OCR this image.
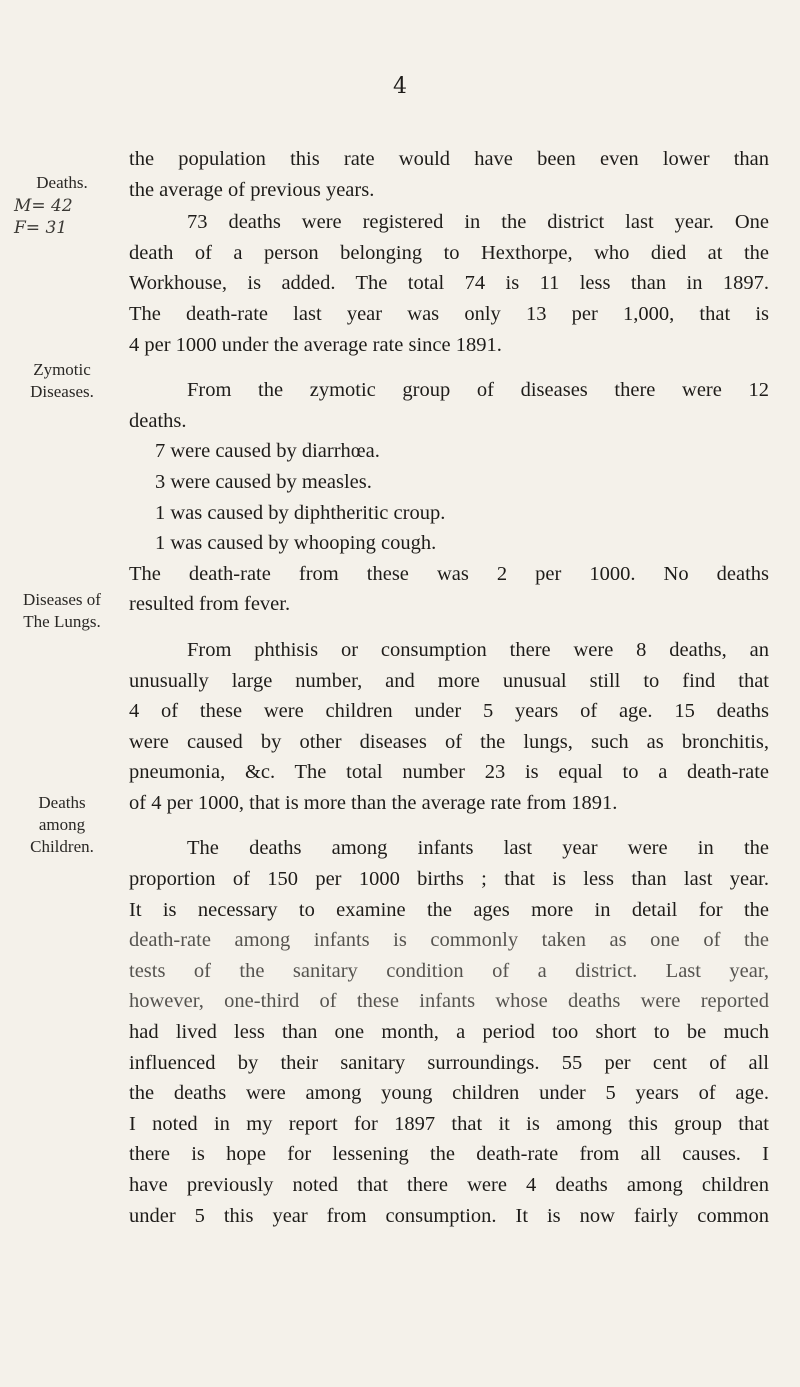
4
Deaths.
M= 42
F= 31
Zymotic
Diseases.
Diseases of
The Lungs.
Deaths
among
Children.
the population this rate would have been even lower than
the average of previous years.
73 deaths were registered in the district last year. One
death of a person belonging to Hexthorpe, who died at the
Workhouse, is added. The total 74 is 11 less than in 1897.
The death-rate last year was only 13 per 1,000, that is
4 per 1000 under the average rate since 1891.
From the zymotic group of diseases there were 12
deaths.
7 were caused by diarrhœa.
3 were caused by measles.
1 was caused by diphtheritic croup.
1 was caused by whooping cough.
The death-rate from these was 2 per 1000. No deaths
resulted from fever.
From phthisis or consumption there were 8 deaths, an
unusually large number, and more unusual still to find that
4 of these were children under 5 years of age. 15 deaths
were caused by other diseases of the lungs, such as bronchitis,
pneumonia, &c. The total number 23 is equal to a death-rate
of 4 per 1000, that is more than the average rate from 1891.
The deaths among infants last year were in the
proportion of 150 per 1000 births ; that is less than last year.
It is necessary to examine the ages more in detail for the
death-rate among infants is commonly taken as one of the
tests of the sanitary condition of a district. Last year,
however, one-third of these infants whose deaths were reported
had lived less than one month, a period too short to be much
influenced by their sanitary surroundings. 55 per cent of all
the deaths were among young children under 5 years of age.
I noted in my report for 1897 that it is among this group that
there is hope for lessening the death-rate from all causes. I
have previously noted that there were 4 deaths among children
under 5 this year from consumption. It is now fairly common
